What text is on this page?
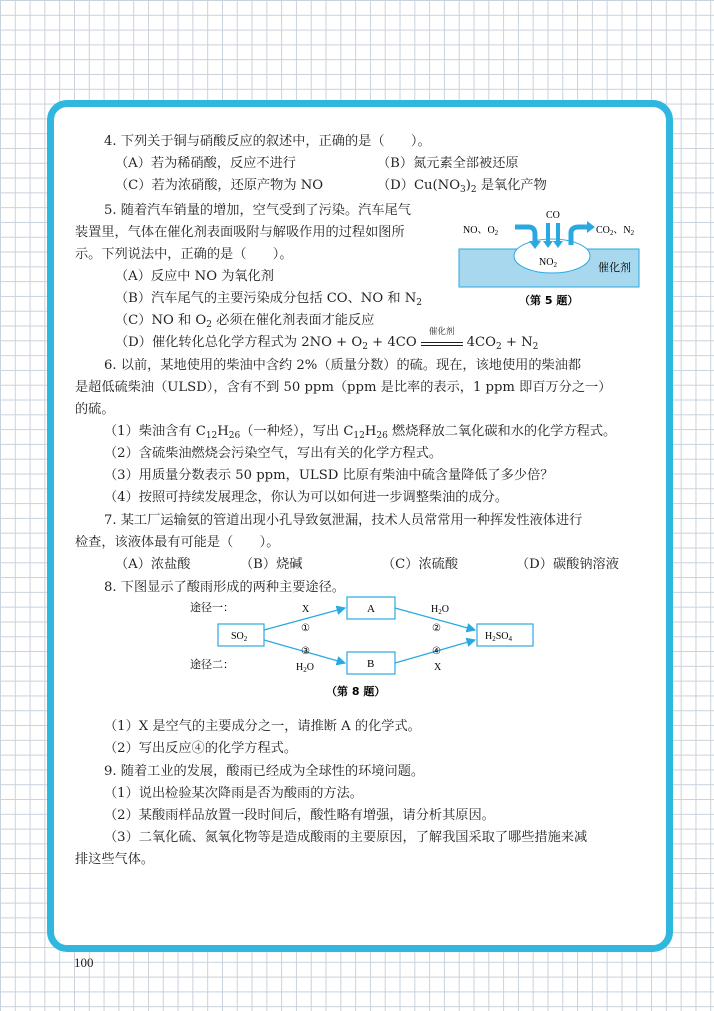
4. 下列关于铜与硝酸反应的叙述中，正确的是（　　）。
（A）若为稀硝酸，反应不进行	（B）氮元素全部被还原
（C）若为浓硝酸，还原产物为 NO	$(D)Cu(NO_3)_2$ 是氧化产物
5. 随着汽车销量的增加，空气受到了污染。汽车尾气
装置里，气体在催化剂表面吸附与解吸作用的过程如图所
示。下列说法中，正确的是（　　）。
（A）反应中 NO 为氧化剂
（B）汽车尾气的主要污染成分包括 CO、NO 和 $N_2$
（C）NO 和 $O_2$ 必须在催化剂表面才能反应
（D）催化转化总化学方程式为 $2NO + O_2 + 4CO$
催化剂
$4CO_2 + N_2$
6. 以前，某地使用的柴油中含约 2%（质量分数）的硫。现在，该地使用的柴油都
是超低硫柴油（ULSD），含有不到 50 ppm（ppm 是比率的表示，1 ppm 即百万分之一）
的硫。
（1）柴油含有 $C_{12}H_{26}$（一种烃），写出 $C_{12}H_{26}$ 燃烧释放二氧化碳和水的化学方程式。
（2）含硫柴油燃烧会污染空气，写出有关的化学方程式。
（3）用质量分数表示 50 ppm，ULSD 比原有柴油中硫含量降低了多少倍？
（4）按照可持续发展理念，你认为可以如何进一步调整柴油的成分。
7. 某工厂运输氨的管道出现小孔导致氨泄漏，技术人员常常用一种挥发性液体进行
检查，该液体最有可能是（　　）。
（A）浓盐酸	（B）烧碱	（C）浓硫酸	（D）碳酸钠溶液
8. 下图显示了酸雨形成的两种主要途径。
（1）X 是空气的主要成分之一，请推断 A 的化学式。
（2）写出反应④的化学方程式。
9. 随着工业的发展，酸雨已经成为全球性的环境问题。
（1）说出检验某次降雨是否为酸雨的方法。
（2）某酸雨样品放置一段时间后，酸性略有增强，请分析其原因。
（3）二氧化硫、氮氧化物等是造成酸雨的主要原因，了解我国采取了哪些措施来减
排这些气体。
$NO_2$	催化剂
NO、$O_2$
CO
$CO_2$、$N_2$
（第 5 题）
途径一：
途径二：
$SO_2$
A
B
$H_2SO_4$
X
①
$H_2O$
②
③
$H_2O$
④
X
（第 8 题）
100
